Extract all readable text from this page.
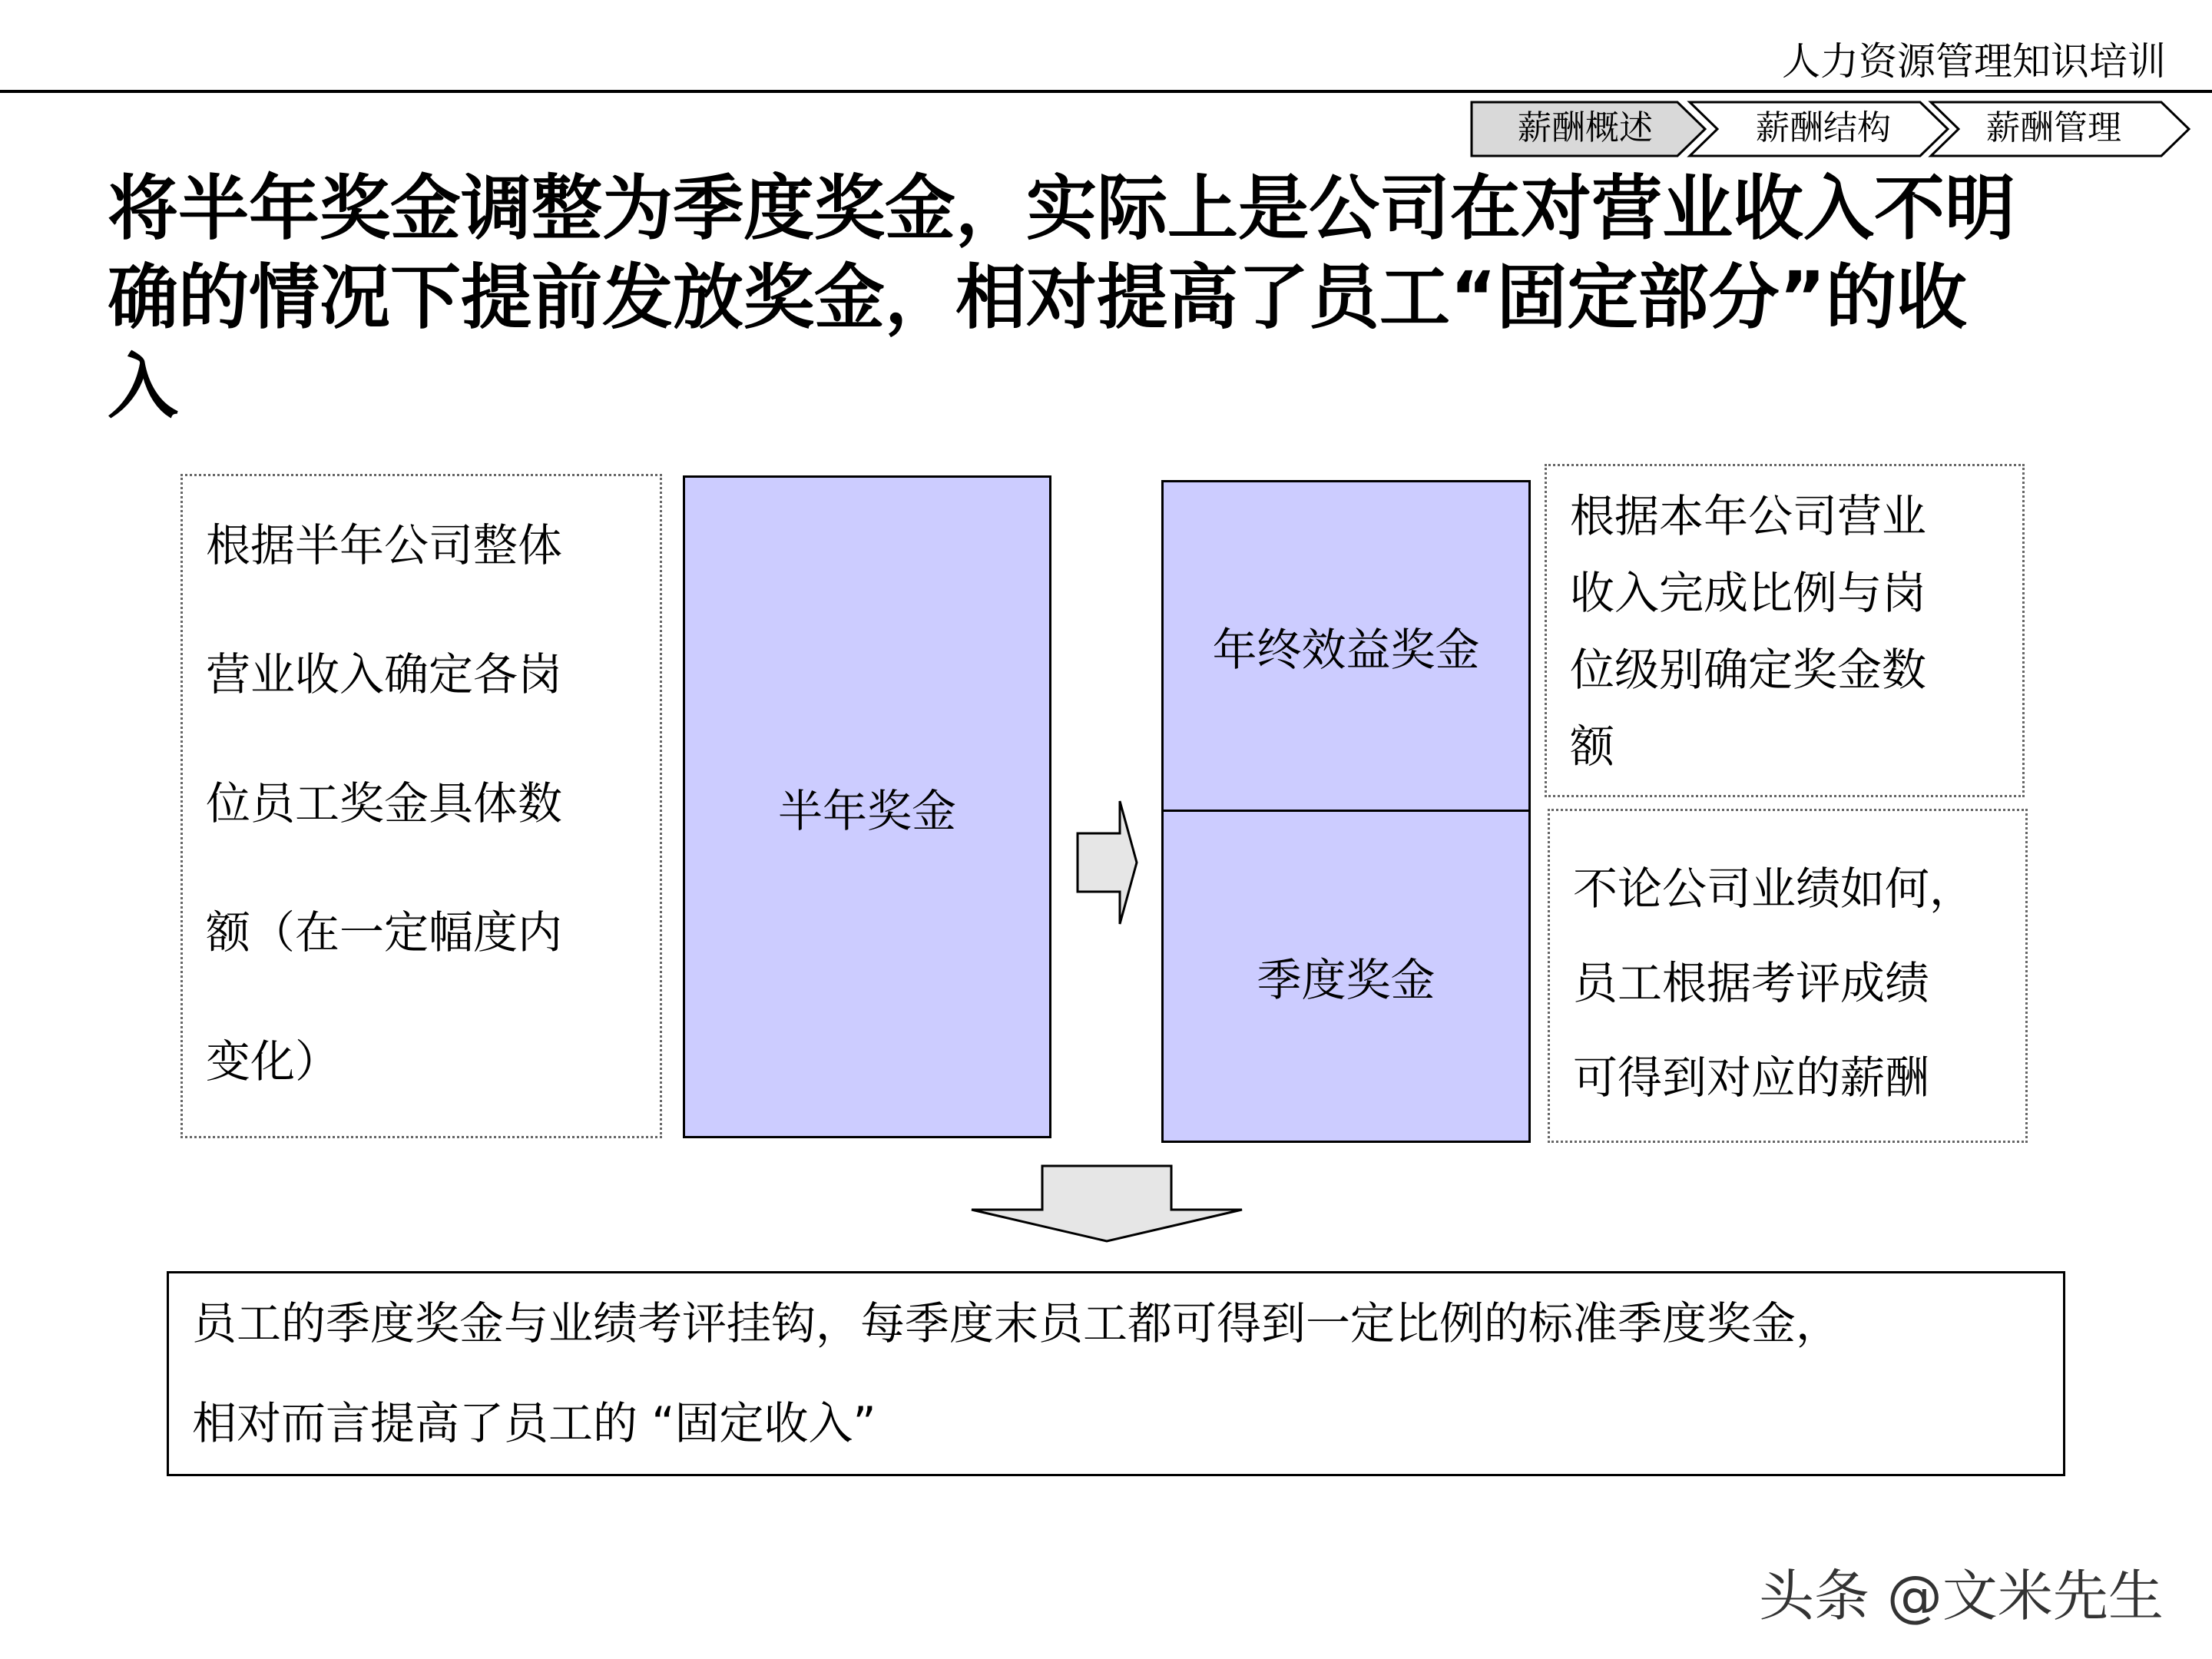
人力资源管理知识培训
薪酬概述	薪酬结构	薪酬管理
将半年奖金调整为季度奖金，实际上是公司在对营业收入不明
确的情况下提前发放奖金，相对提高了员工“固定部分”的收
入
根据半年公司整体
营业收入确定各岗
位员工奖金具体数
额（在一定幅度内
变化）
半年奖金
年终效益奖金
季度奖金
根据本年公司营业
收入完成比例与岗
位级别确定奖金数
额
不论公司业绩如何，
员工根据考评成绩
可得到对应的薪酬
员工的季度奖金与业绩考评挂钩，每季度末员工都可得到一定比例的标准季度奖金，
相对而言提高了员工的 “固定收入”
头条 @文米先生
